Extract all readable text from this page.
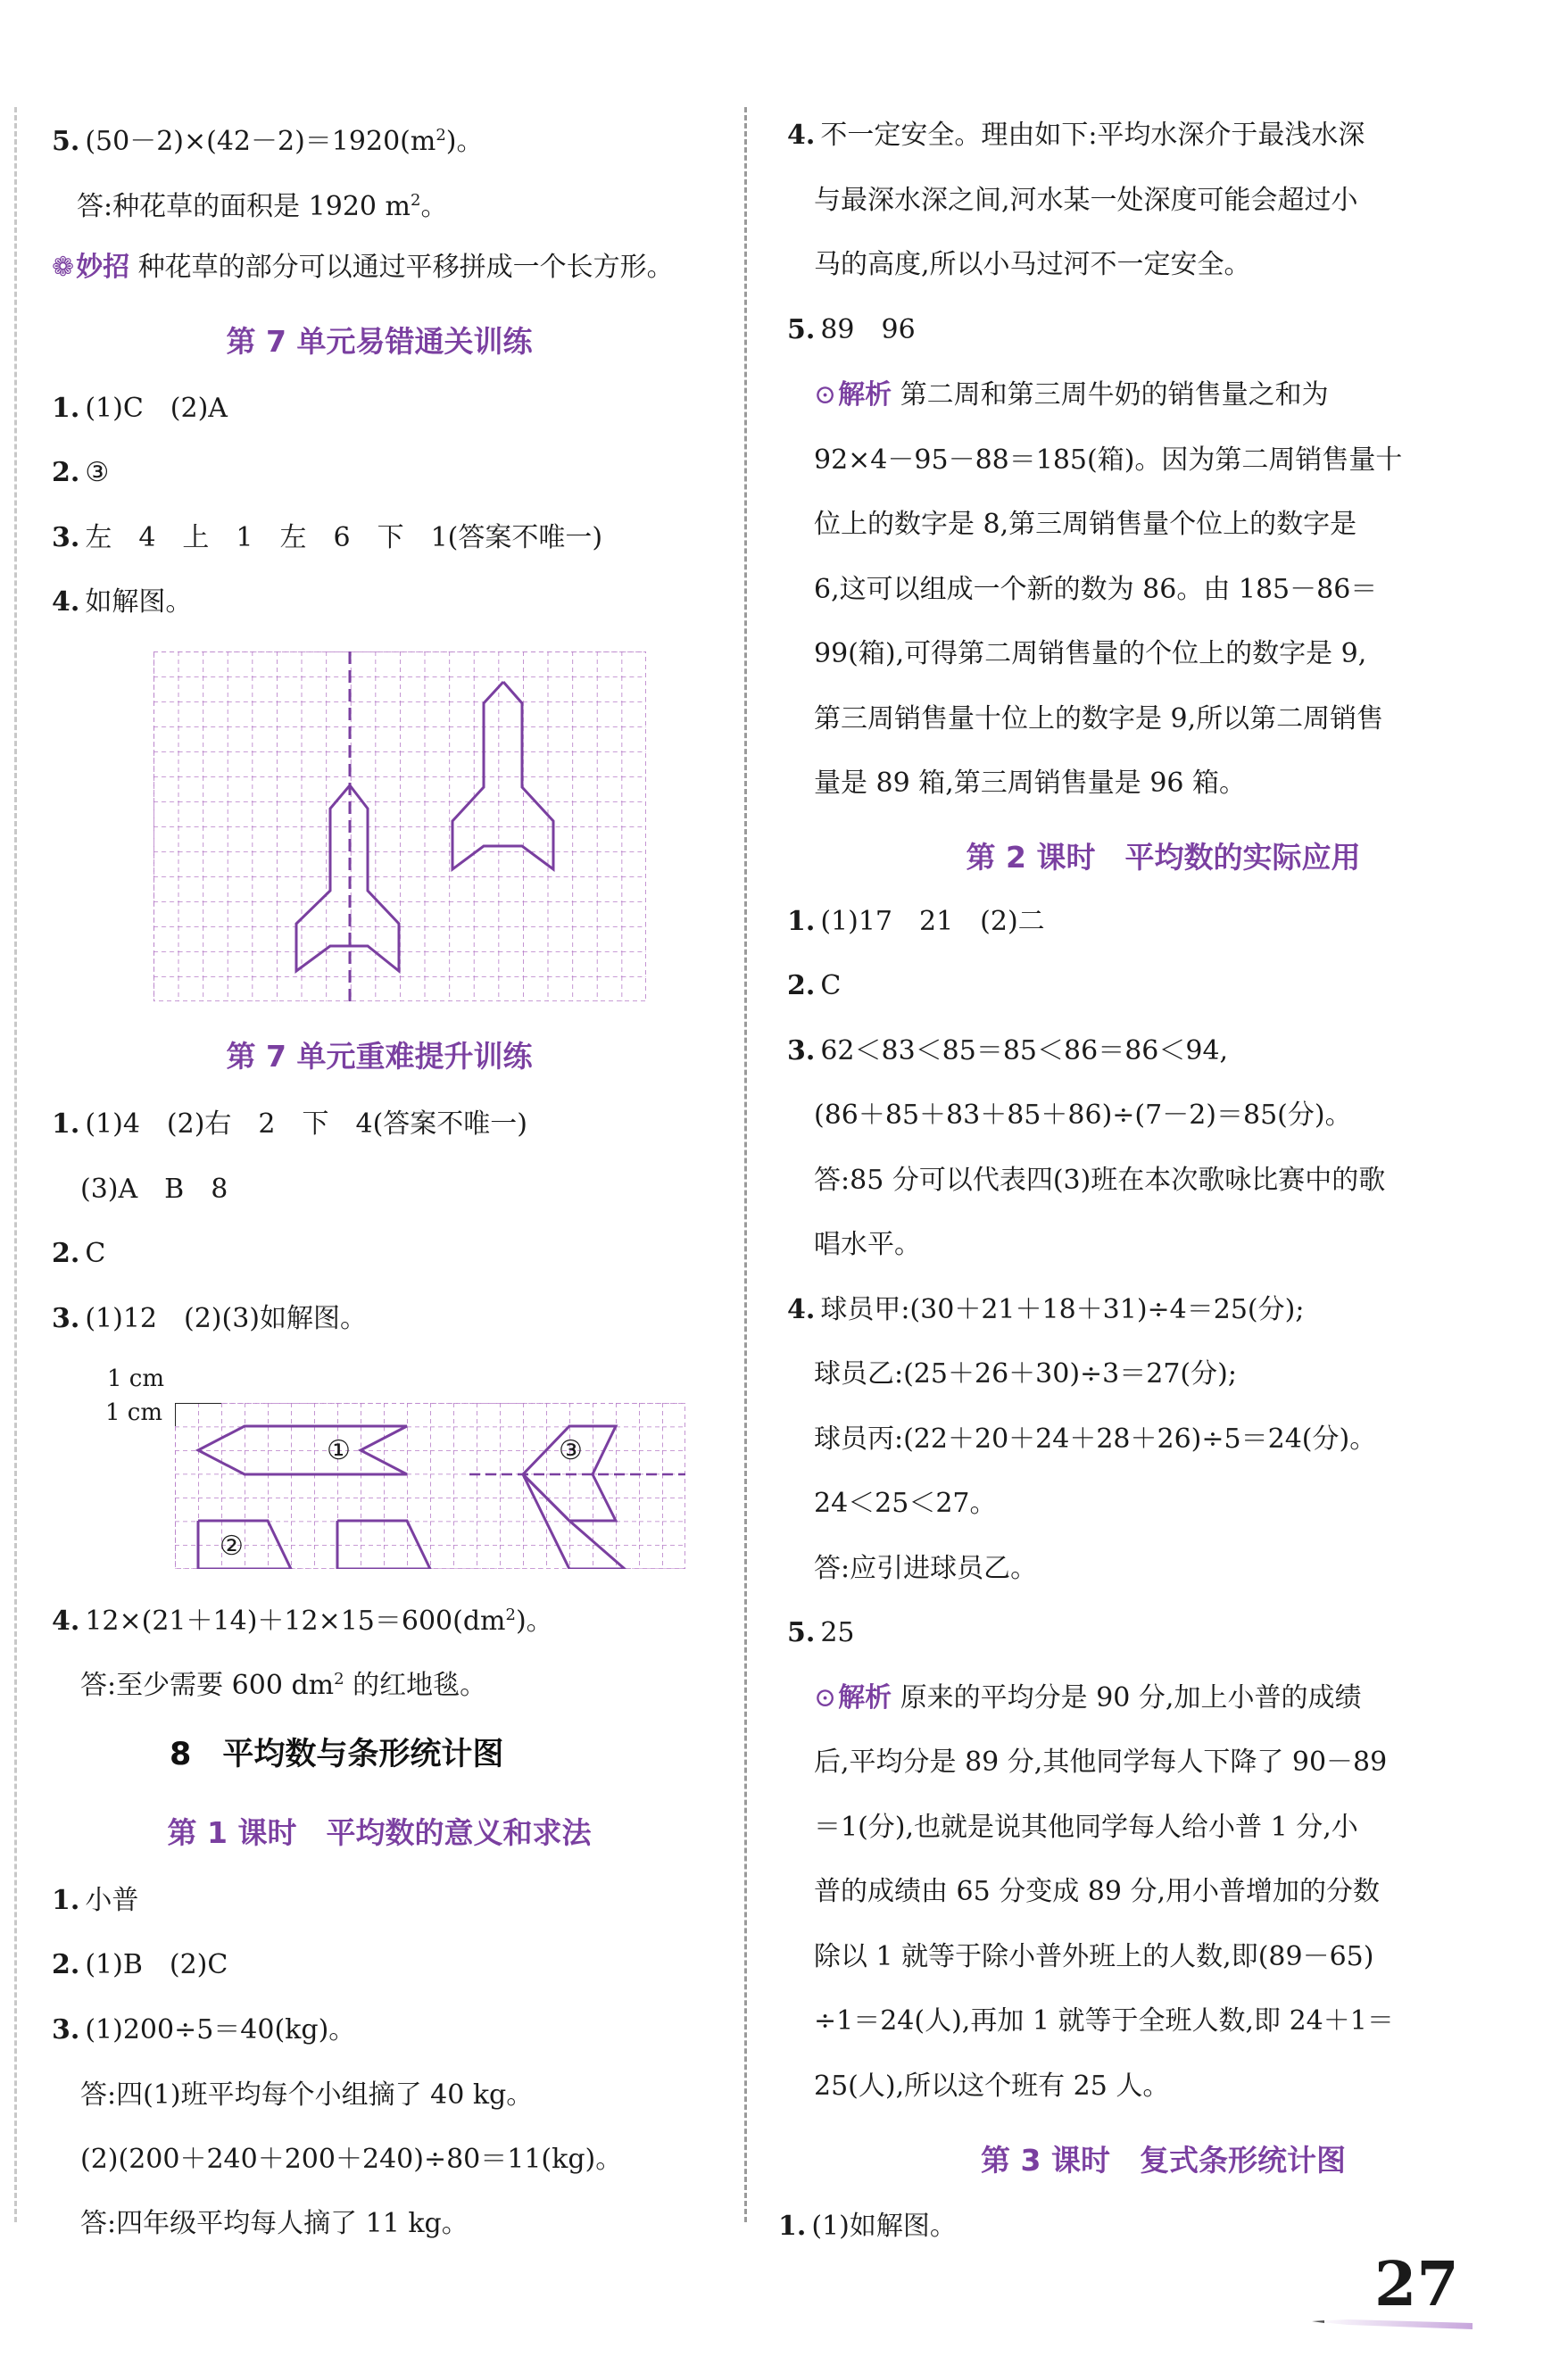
5. $(50-2)\times(42-2)=1920(m^2)$。
答:种花草的面积是 1920 $m^2$。
❁妙招 种花草的部分可以通过平移拼成一个长方形。
第 7 单元易错通关训练
1. (1)C　(2)A
2. ③
3. 左　4　上　1　左　6　下　1(答案不唯一)
4. 如解图。
第 7 单元重难提升训练
1. (1)4　(2)右　2　下　4(答案不唯一)
(3)A　B　8
2. C
3. (1)12　(2)(3)如解图。
1 cm
1 cm
①
②
③
4. $12\times(21+14)+12\times 15=600(dm^2)$。
答:至少需要 600 $dm^2$ 的红地毯。
8　平均数与条形统计图
第 1 课时　平均数的意义和求法
1. 小普
2. (1)B　(2)C
3. (1)200÷5＝40(kg)。
答:四(1)班平均每个小组摘了 40 kg。
(2)(200＋240＋200＋240)÷80＝11(kg)。
答:四年级平均每人摘了 11 kg。
4. 不一定安全。理由如下:平均水深介于最浅水深
与最深水深之间,河水某一处深度可能会超过小
马的高度,所以小马过河不一定安全。
5. 89　96
⊙解析 第二周和第三周牛奶的销售量之和为
92×4－95－88＝185(箱)。因为第二周销售量十
位上的数字是 8,第三周销售量个位上的数字是
6,这可以组成一个新的数为 86。由 185－86＝
99(箱),可得第二周销售量的个位上的数字是 9,
第三周销售量十位上的数字是 9,所以第二周销售
量是 89 箱,第三周销售量是 96 箱。
第 2 课时　平均数的实际应用
1. (1)17　21　(2)二
2. C
3. 62＜83＜85＝85＜86＝86＜94,
(86＋85＋83＋85＋86)÷(7－2)＝85(分)。
答:85 分可以代表四(3)班在本次歌咏比赛中的歌
唱水平。
4. 球员甲:(30＋21＋18＋31)÷4＝25(分);
球员乙:(25＋26＋30)÷3＝27(分);
球员丙:(22＋20＋24＋28＋26)÷5＝24(分)。
24＜25＜27。
答:应引进球员乙。
5. 25
⊙解析 原来的平均分是 90 分,加上小普的成绩
后,平均分是 89 分,其他同学每人下降了 90－89
＝1(分),也就是说其他同学每人给小普 1 分,小
普的成绩由 65 分变成 89 分,用小普增加的分数
除以 1 就等于除小普外班上的人数,即(89－65)
÷1＝24(人),再加 1 就等于全班人数,即 24＋1＝
25(人),所以这个班有 25 人。
第 3 课时　复式条形统计图
1. (1)如解图。
27
